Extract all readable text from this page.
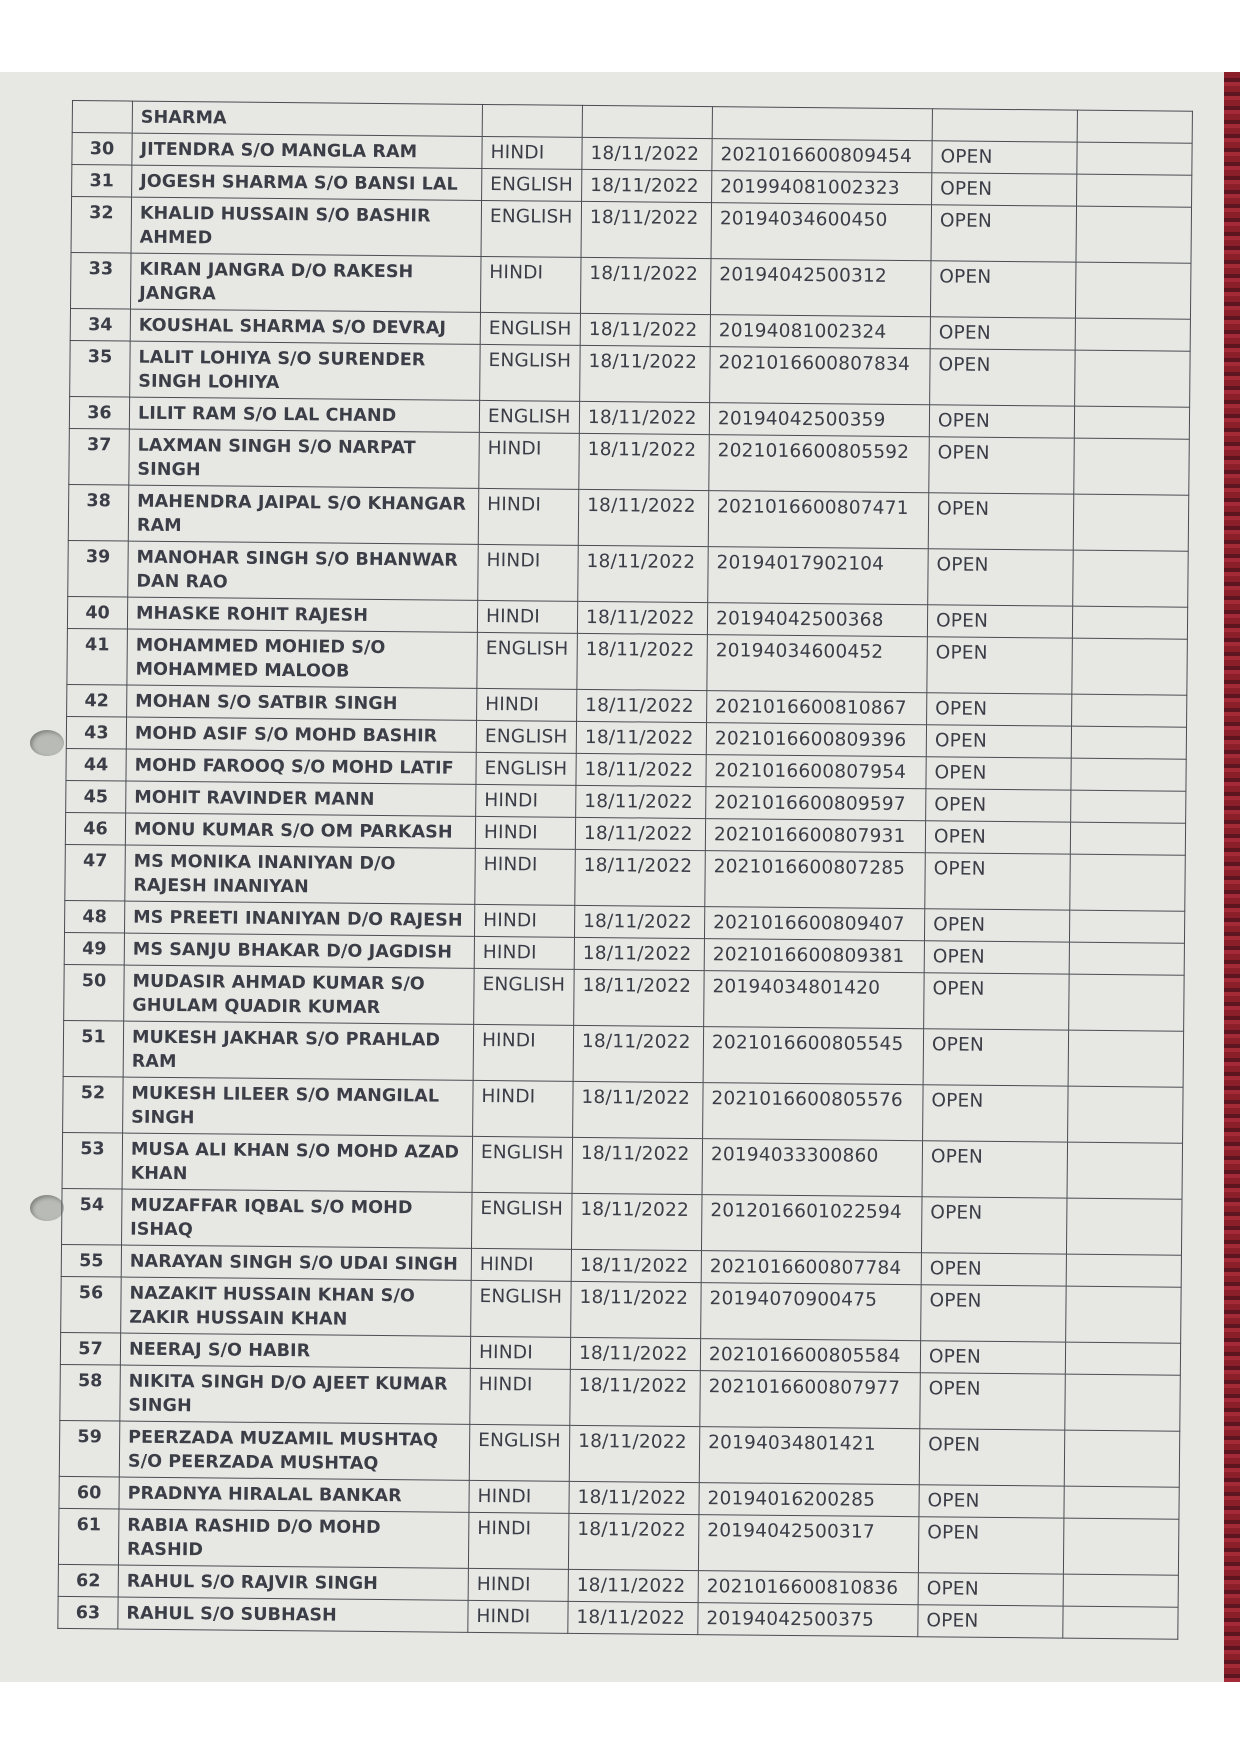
	SHARMA					
30	JITENDRA S/O MANGLA RAM	HINDI	18/11/2022	2021016600809454	OPEN	
31	JOGESH SHARMA S/O BANSI LAL	ENGLISH	18/11/2022	201994081002323	OPEN	
32	KHALID HUSSAIN S/O BASHIR AHMED	ENGLISH	18/11/2022	20194034600450	OPEN	
33	KIRAN JANGRA D/O RAKESH JANGRA	HINDI	18/11/2022	20194042500312	OPEN	
34	KOUSHAL SHARMA S/O DEVRAJ	ENGLISH	18/11/2022	20194081002324	OPEN	
35	LALIT LOHIYA S/O SURENDER SINGH LOHIYA	ENGLISH	18/11/2022	2021016600807834	OPEN	
36	LILIT RAM S/O LAL CHAND	ENGLISH	18/11/2022	20194042500359	OPEN	
37	LAXMAN SINGH S/O NARPAT SINGH	HINDI	18/11/2022	2021016600805592	OPEN	
38	MAHENDRA JAIPAL S/O KHANGAR RAM	HINDI	18/11/2022	2021016600807471	OPEN	
39	MANOHAR SINGH S/O BHANWAR DAN RAO	HINDI	18/11/2022	20194017902104	OPEN	
40	MHASKE ROHIT RAJESH	HINDI	18/11/2022	20194042500368	OPEN	
41	MOHAMMED MOHIED S/O MOHAMMED MALOOB	ENGLISH	18/11/2022	20194034600452	OPEN	
42	MOHAN S/O SATBIR SINGH	HINDI	18/11/2022	2021016600810867	OPEN	
43	MOHD ASIF S/O MOHD BASHIR	ENGLISH	18/11/2022	2021016600809396	OPEN	
44	MOHD FAROOQ S/O MOHD LATIF	ENGLISH	18/11/2022	2021016600807954	OPEN	
45	MOHIT RAVINDER MANN	HINDI	18/11/2022	2021016600809597	OPEN	
46	MONU KUMAR S/O OM PARKASH	HINDI	18/11/2022	2021016600807931	OPEN	
47	MS MONIKA INANIYAN D/O RAJESH INANIYAN	HINDI	18/11/2022	2021016600807285	OPEN	
48	MS PREETI INANIYAN D/O RAJESH	HINDI	18/11/2022	2021016600809407	OPEN	
49	MS SANJU BHAKAR D/O JAGDISH	HINDI	18/11/2022	2021016600809381	OPEN	
50	MUDASIR AHMAD KUMAR S/O GHULAM QUADIR KUMAR	ENGLISH	18/11/2022	20194034801420	OPEN	
51	MUKESH JAKHAR S/O PRAHLAD RAM	HINDI	18/11/2022	2021016600805545	OPEN	
52	MUKESH LILEER S/O MANGILAL SINGH	HINDI	18/11/2022	2021016600805576	OPEN	
53	MUSA ALI KHAN S/O MOHD AZAD KHAN	ENGLISH	18/11/2022	20194033300860	OPEN	
54	MUZAFFAR IQBAL S/O MOHD ISHAQ	ENGLISH	18/11/2022	2012016601022594	OPEN	
55	NARAYAN SINGH S/O UDAI SINGH	HINDI	18/11/2022	2021016600807784	OPEN	
56	NAZAKIT HUSSAIN KHAN S/O ZAKIR HUSSAIN KHAN	ENGLISH	18/11/2022	20194070900475	OPEN	
57	NEERAJ S/O HABIR	HINDI	18/11/2022	2021016600805584	OPEN	
58	NIKITA SINGH D/O AJEET KUMAR SINGH	HINDI	18/11/2022	2021016600807977	OPEN	
59	PEERZADA MUZAMIL MUSHTAQ S/O PEERZADA MUSHTAQ	ENGLISH	18/11/2022	20194034801421	OPEN	
60	PRADNYA HIRALAL BANKAR	HINDI	18/11/2022	20194016200285	OPEN	
61	RABIA RASHID D/O MOHD RASHID	HINDI	18/11/2022	20194042500317	OPEN	
62	RAHUL S/O RAJVIR SINGH	HINDI	18/11/2022	2021016600810836	OPEN	
63	RAHUL S/O SUBHASH	HINDI	18/11/2022	20194042500375	OPEN	
